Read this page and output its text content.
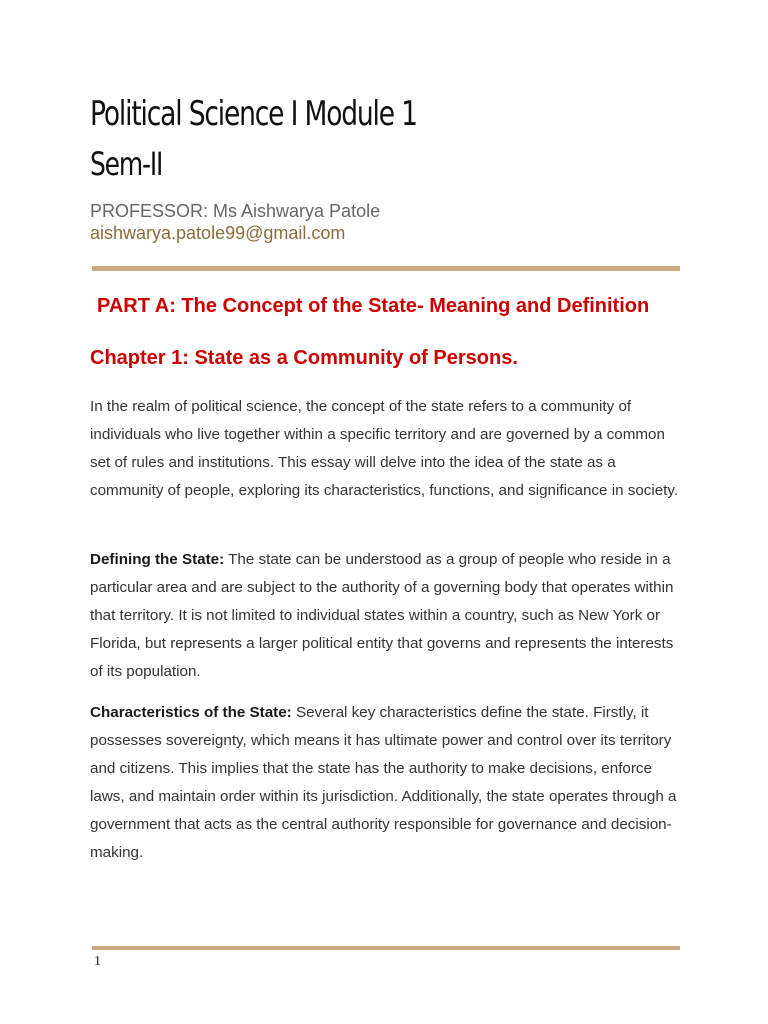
Political Science I Module 1
Sem-II
PROFESSOR: Ms Aishwarya Patole
aishwarya.patole99@gmail.com
PART A: The Concept of the State- Meaning and Definition
Chapter 1: State as a Community of Persons.

In the realm of political science, the concept of the state refers to a community of individuals who live together within a specific territory and are governed by a common set of rules and institutions. This essay will delve into the idea of the state as a community of people, exploring its characteristics, functions, and significance in society.

Defining the State: The state can be understood as a group of people who reside in a particular area and are subject to the authority of a governing body that operates within that territory. It is not limited to individual states within a country, such as New York or Florida, but represents a larger political entity that governs and represents the interests of its population.

Characteristics of the State: Several key characteristics define the state. Firstly, it possesses sovereignty, which means it has ultimate power and control over its territory and citizens. This implies that the state has the authority to make decisions, enforce laws, and maintain order within its jurisdiction. Additionally, the state operates through a government that acts as the central authority responsible for governance and decision-making.

1
